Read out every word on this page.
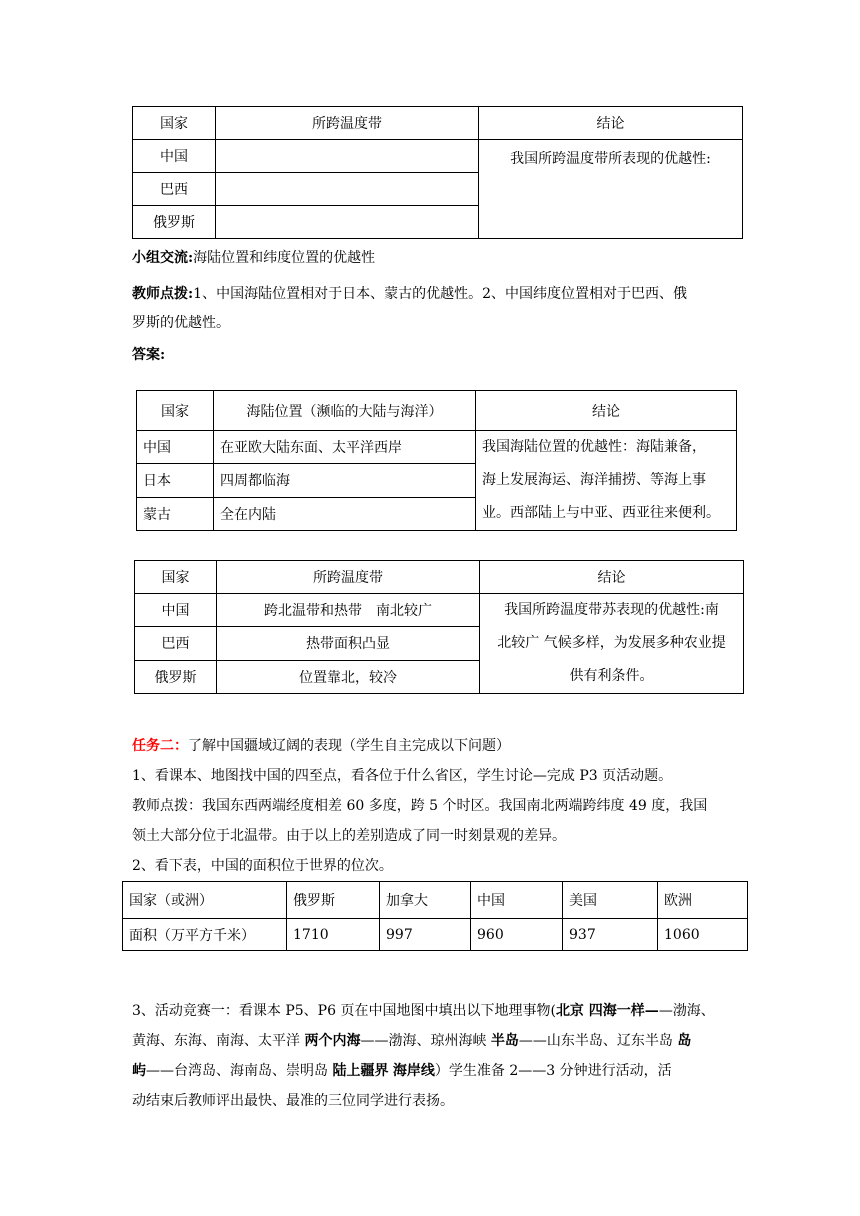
国家	所跨温度带	结论
中国		我国所跨温度带所表现的优越性:
巴西		
俄罗斯		
小组交流:海陆位置和纬度位置的优越性
教师点拨:1、中国海陆位置相对于日本、蒙古的优越性。2、中国纬度位置相对于巴西、俄
罗斯的优越性。
答案:
国家	海陆位置（濒临的大陆与海洋）	结论
中国	在亚欧大陆东面、太平洋西岸	我国海陆位置的优越性：海陆兼备，
海上发展海运、海洋捕捞、等海上事
业。西部陆上与中亚、西亚往来便利。

日本	四周都临海	
蒙古	全在内陆	
国家	所跨温度带	结论
中国	跨北温带和热带　南北较广	我国所跨温度带苏表现的优越性:南
北较广 气候多样，为发展多种农业提
供有利条件。

巴西	热带面积凸显	
俄罗斯	位置靠北，较冷	
任务二：了解中国疆域辽阔的表现（学生自主完成以下问题）
1、看课本、地图找中国的四至点，看各位于什么省区，学生讨论—完成 P3 页活动题。
教师点拨：我国东西两端经度相差 60 多度，跨 5 个时区。我国南北两端跨纬度 49 度，我国
领土大部分位于北温带。由于以上的差别造成了同一时刻景观的差异。
2、看下表，中国的面积位于世界的位次。
国家（或洲）	俄罗斯	加拿大	中国	美国	欧洲
面积（万平方千米）	1710	997	960	937	1060
3、活动竞赛一：看课本 P5、P6 页在中国地图中填出以下地理事物(北京 四海一样——渤海、
黄海、东海、南海、太平洋 两个内海——渤海、琼州海峡 半岛——山东半岛、辽东半岛 岛
屿——台湾岛、海南岛、崇明岛 陆上疆界 海岸线）学生准备 2——3 分钟进行活动，活
动结束后教师评出最快、最准的三位同学进行表扬。
